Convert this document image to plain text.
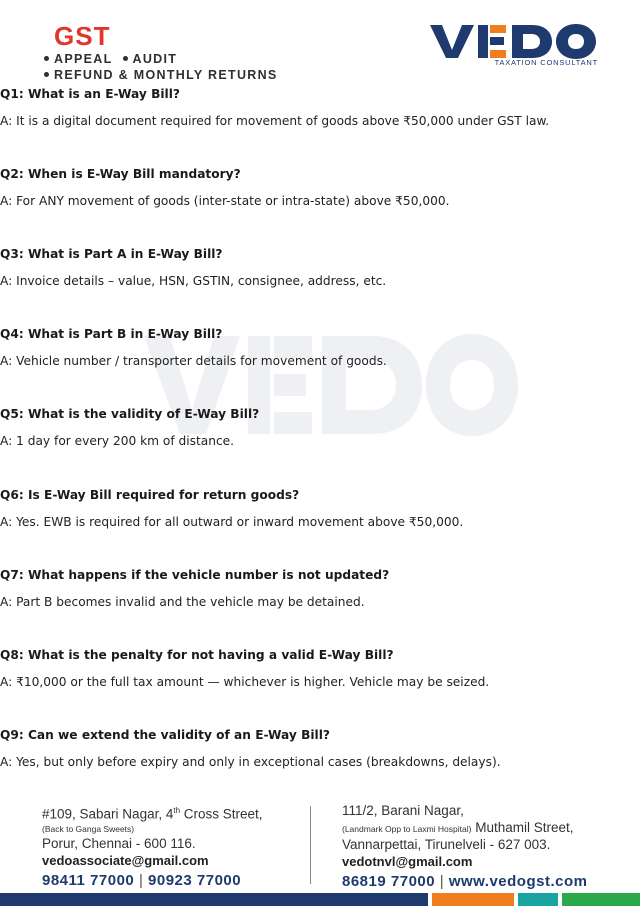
GST
APPEAL AUDIT
REFUND & MONTHLY RETURNS
TAXATION CONSULTANT
Q1: What is an E-Way Bill?
A: It is a digital document required for movement of goods above ₹50,000 under GST law.
Q2: When is E-Way Bill mandatory?
A: For ANY movement of goods (inter-state or intra-state) above ₹50,000.
Q3: What is Part A in E-Way Bill?
A: Invoice details – value, HSN, GSTIN, consignee, address, etc.
Q4: What is Part B in E-Way Bill?
A: Vehicle number / transporter details for movement of goods.
Q5: What is the validity of E-Way Bill?
A: 1 day for every 200 km of distance.
Q6: Is E-Way Bill required for return goods?
A: Yes. EWB is required for all outward or inward movement above ₹50,000.
Q7: What happens if the vehicle number is not updated?
A: Part B becomes invalid and the vehicle may be detained.
Q8: What is the penalty for not having a valid E-Way Bill?
A: ₹10,000 or the full tax amount — whichever is higher. Vehicle may be seized.
Q9: Can we extend the validity of an E-Way Bill?
A: Yes, but only before expiry and only in exceptional cases (breakdowns, delays).
#109, Sabari Nagar, 4th Cross Street,
(Back to Ganga Sweets)
Porur, Chennai - 600 116.
vedoassociate@gmail.com
98411 77000 | 90923 77000
111/2, Barani Nagar,
(Landmark Opp to Laxmi Hospital) Muthamil Street,
Vannarpettai, Tirunelveli - 627 003.
vedotnvl@gmail.com
86819 77000 | www.vedogst.com
